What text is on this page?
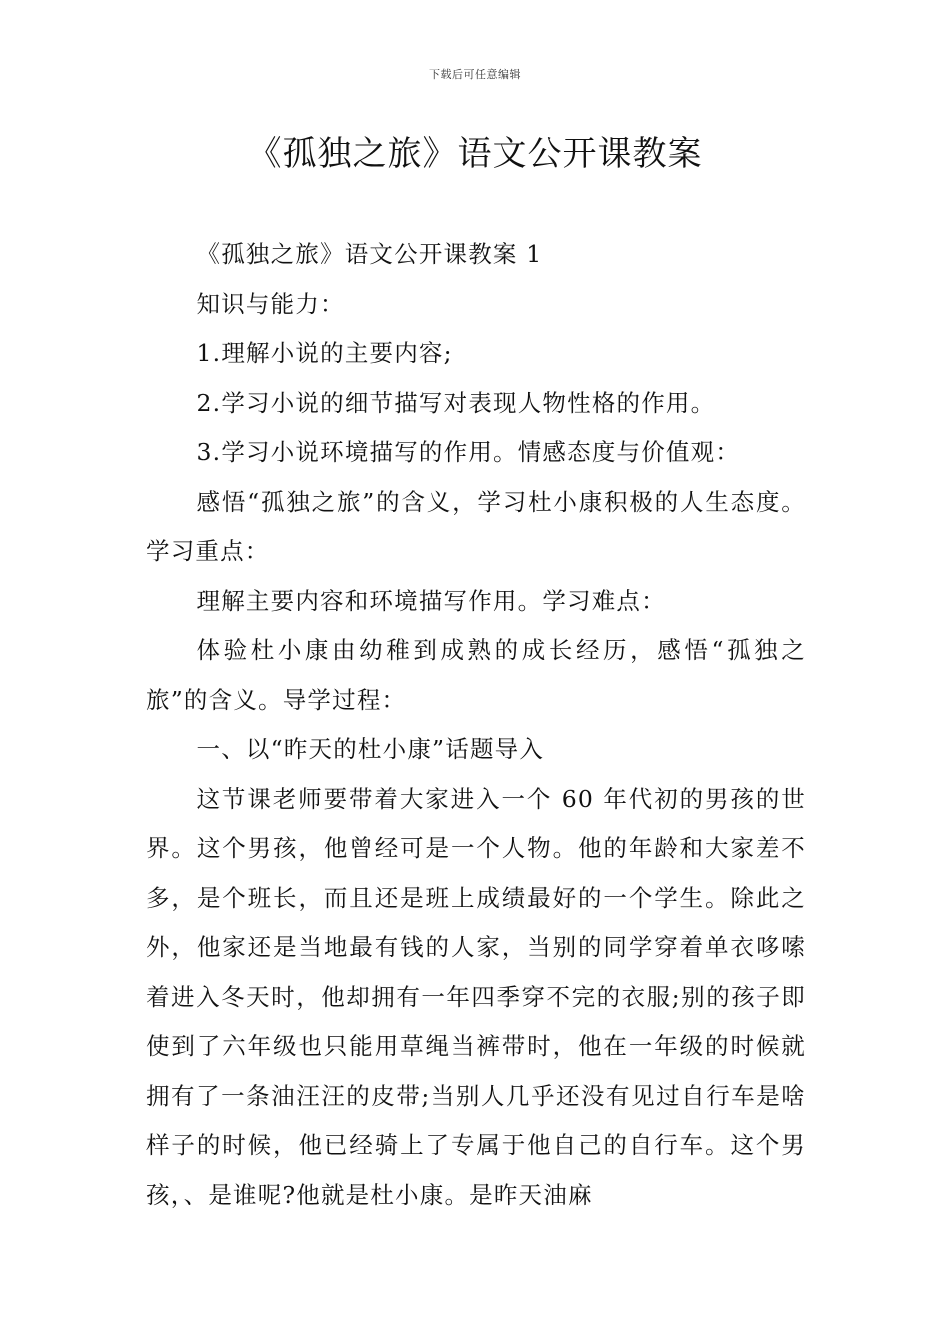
下载后可任意编辑
《孤独之旅》语文公开课教案

《孤独之旅》语文公开课教案 1

知识与能力：

1.理解小说的主要内容;

2.学习小说的细节描写对表现人物性格的作用。

3.学习小说环境描写的作用。情感态度与价值观：

感悟“孤独之旅”的含义，学习杜小康积极的人生态度。学习重点：

理解主要内容和环境描写作用。学习难点：

体验杜小康由幼稚到成熟的成长经历，感悟“孤独之旅”的含义。导学过程：

一、以“昨天的杜小康”话题导入

这节课老师要带着大家进入一个 60 年代初的男孩的世界。这个男孩，他曾经可是一个人物。他的年龄和大家差不多，是个班长，而且还是班上成绩最好的一个学生。除此之外，他家还是当地最有钱的人家，当别的同学穿着单衣哆嗦着进入冬天时，他却拥有一年四季穿不完的衣服;别的孩子即使到了六年级也只能用草绳当裤带时，他在一年级的时候就拥有了一条油汪汪的皮带;当别人几乎还没有见过自行车是啥样子的时候，他已经骑上了专属于他自己的自行车。这个男孩，、是谁呢?他就是杜小康。是昨天油麻
